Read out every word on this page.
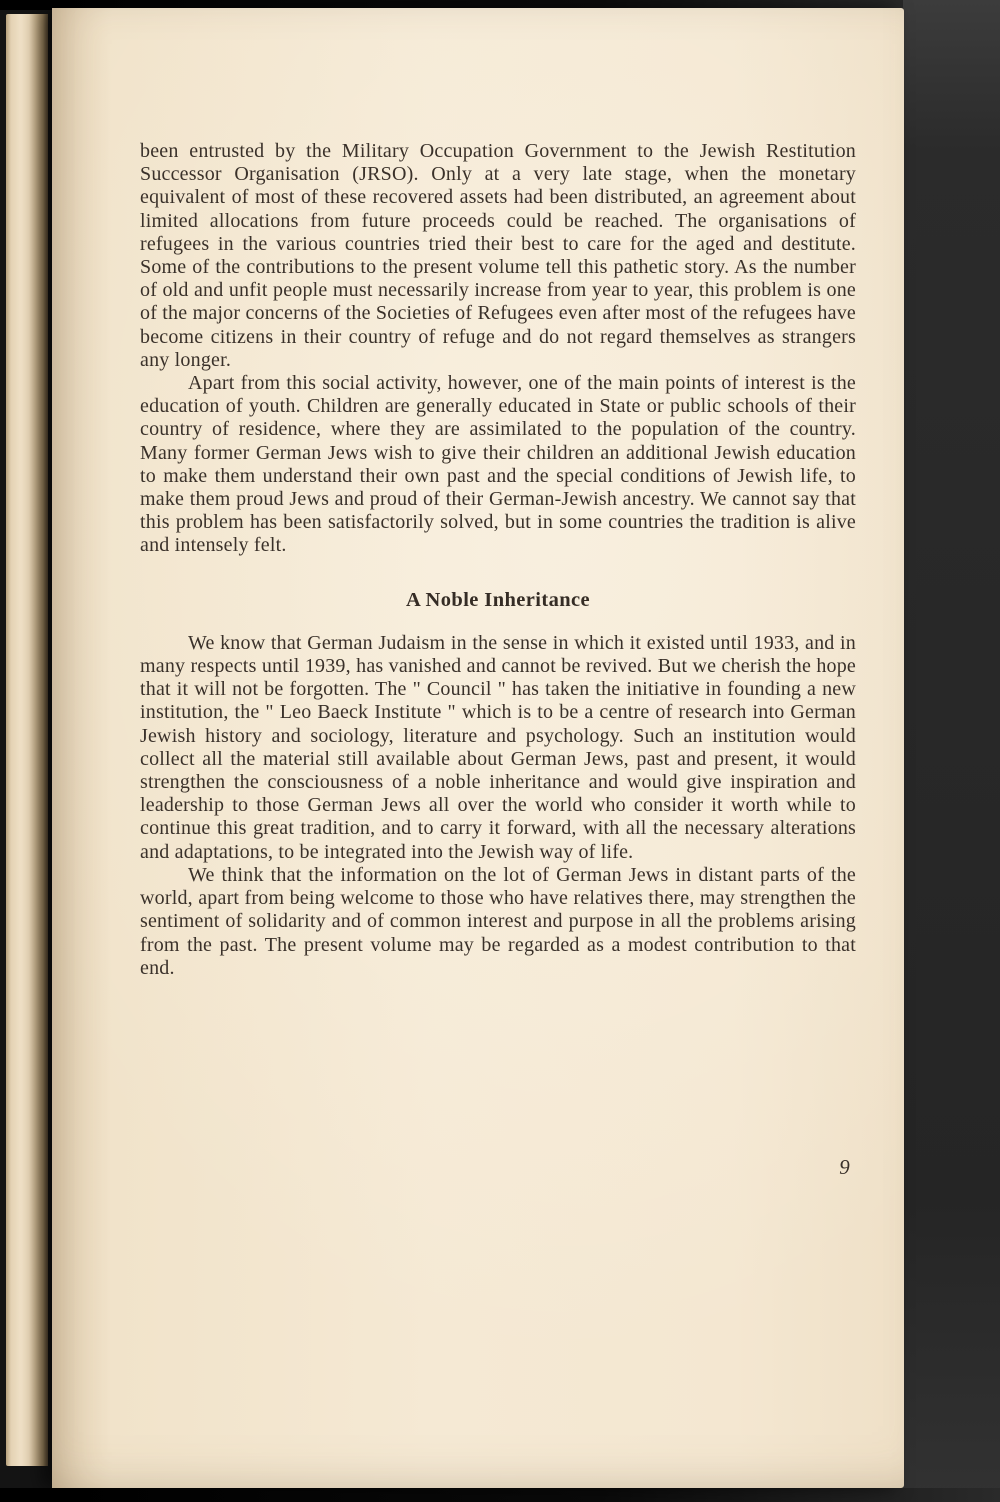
been entrusted by the Military Occupation Government to the Jewish Restitution Successor Organisation (JRSO). Only at a very late stage, when the monetary equivalent of most of these recovered assets had been distributed, an agreement about limited allocations from future proceeds could be reached. The organisations of refugees in the various countries tried their best to care for the aged and destitute. Some of the contributions to the present volume tell this pathetic story. As the number of old and unfit people must necessarily increase from year to year, this problem is one of the major concerns of the Societies of Refugees even after most of the refugees have become citizens in their country of refuge and do not regard themselves as strangers any longer.

Apart from this social activity, however, one of the main points of interest is the education of youth. Children are generally educated in State or public schools of their country of residence, where they are assimilated to the population of the country. Many former German Jews wish to give their children an additional Jewish education to make them understand their own past and the special conditions of Jewish life, to make them proud Jews and proud of their German-Jewish ancestry. We cannot say that this problem has been satisfactorily solved, but in some countries the tradition is alive and intensely felt.

A Noble Inheritance

We know that German Judaism in the sense in which it existed until 1933, and in many respects until 1939, has vanished and cannot be revived. But we cherish the hope that it will not be forgotten. The " Council " has taken the initiative in founding a new institution, the " Leo Baeck Institute " which is to be a centre of research into German Jewish history and sociology, literature and psychology. Such an institution would collect all the material still available about German Jews, past and present, it would strengthen the consciousness of a noble inheritance and would give inspiration and leadership to those German Jews all over the world who consider it worth while to continue this great tradition, and to carry it forward, with all the necessary alterations and adaptations, to be integrated into the Jewish way of life.

We think that the information on the lot of German Jews in distant parts of the world, apart from being welcome to those who have relatives there, may strengthen the sentiment of solidarity and of common interest and purpose in all the problems arising from the past. The present volume may be regarded as a modest contribution to that end.

9
